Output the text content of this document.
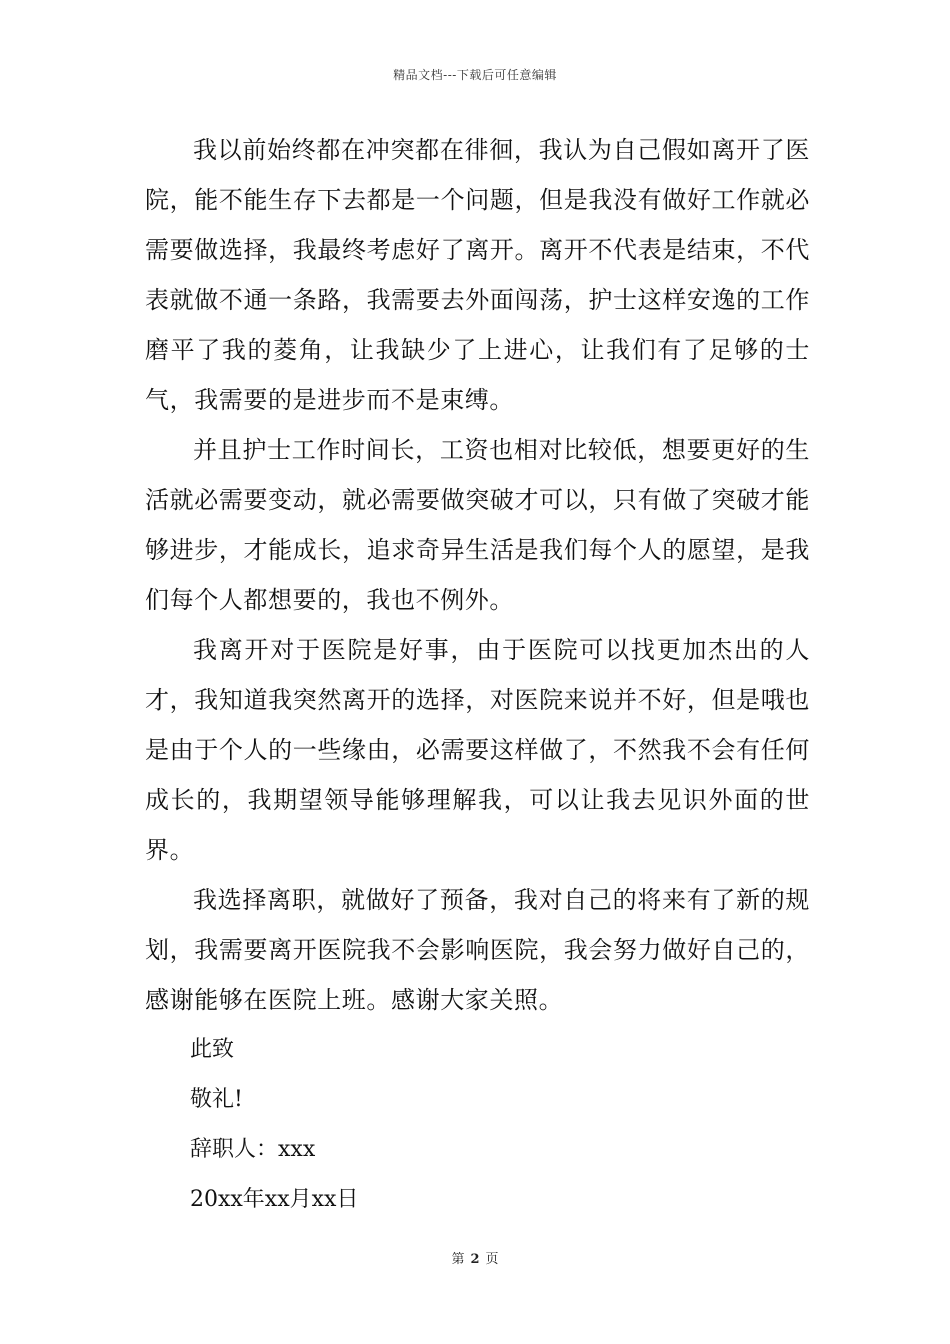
精品文档---下载后可任意编辑

我以前始终都在冲突都在徘徊，我认为自己假如离开了医院，能不能生存下去都是一个问题，但是我没有做好工作就必需要做选择，我最终考虑好了离开。离开不代表是结束，不代表就做不通一条路，我需要去外面闯荡，护士这样安逸的工作磨平了我的菱角，让我缺少了上进心，让我们有了足够的士气，我需要的是进步而不是束缚。

并且护士工作时间长，工资也相对比较低，想要更好的生活就必需要变动，就必需要做突破才可以，只有做了突破才能够进步，才能成长，追求奇异生活是我们每个人的愿望，是我们每个人都想要的，我也不例外。

我离开对于医院是好事，由于医院可以找更加杰出的人才，我知道我突然离开的选择，对医院来说并不好，但是哦也是由于个人的一些缘由，必需要这样做了，不然我不会有任何成长的，我期望领导能够理解我，可以让我去见识外面的世界。

我选择离职，就做好了预备，我对自己的将来有了新的规划，我需要离开医院我不会影响医院，我会努力做好自己的，感谢能够在医院上班。感谢大家关照。

此致

敬礼!

辞职人：xxx

20xx年xx月xx日

第 2 页
